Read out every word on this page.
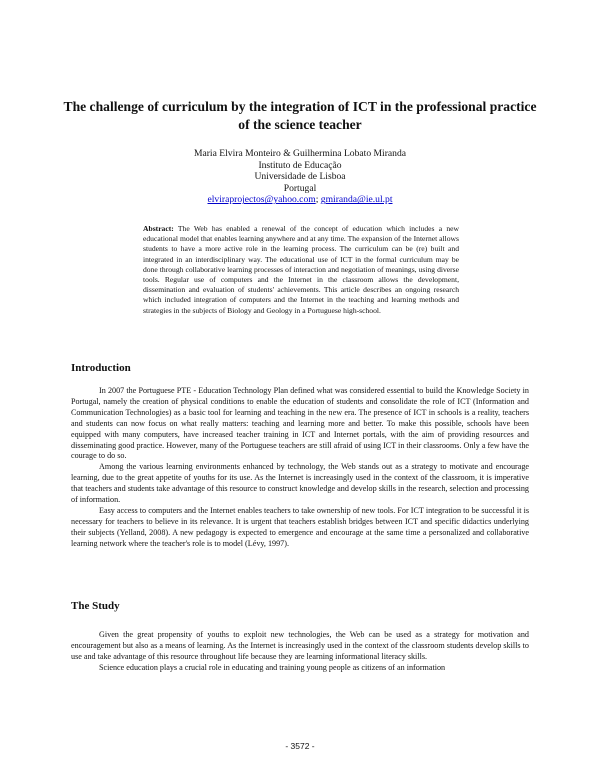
The challenge of curriculum by the integration of ICT in the professional practice of the science teacher
Maria Elvira Monteiro & Guilhermina Lobato Miranda
Instituto de Educação
Universidade de Lisboa
Portugal
elviraprojectos@yahoo.com; gmiranda@ie.ul.pt

Abstract: The Web has enabled a renewal of the concept of education which includes a new educational model that enables learning anywhere and at any time. The expansion of the Internet allows students to have a more active role in the learning process. The curriculum can be (re) built and integrated in an interdisciplinary way. The educational use of ICT in the formal curriculum may be done through collaborative learning processes of interaction and negotiation of meanings, using diverse tools. Regular use of computers and the Internet in the classroom allows the development, dissemination and evaluation of students' achievements. This article describes an ongoing research which included integration of computers and the Internet in the teaching and learning methods and strategies in the subjects of Biology and Geology in a Portuguese high-school.

Introduction

In 2007 the Portuguese PTE - Education Technology Plan defined what was considered essential to build the Knowledge Society in Portugal, namely the creation of physical conditions to enable the education of students and consolidate the role of ICT (Information and Communication Technologies) as a basic tool for learning and teaching in the new era. The presence of ICT in schools is a reality, teachers and students can now focus on what really matters: teaching and learning more and better. To make this possible, schools have been equipped with many computers, have increased teacher training in ICT and Internet portals, with the aim of providing resources and disseminating good practice. However, many of the Portuguese teachers are still afraid of using ICT in their classrooms. Only a few have the courage to do so.

Among the various learning environments enhanced by technology, the Web stands out as a strategy to motivate and encourage learning, due to the great appetite of youths for its use. As the Internet is increasingly used in the context of the classroom, it is imperative that teachers and students take advantage of this resource to construct knowledge and develop skills in the research, selection and processing of information.

Easy access to computers and the Internet enables teachers to take ownership of new tools. For ICT integration to be successful it is necessary for teachers to believe in its relevance. It is urgent that teachers establish bridges between ICT and specific didactics underlying their subjects (Yelland, 2008). A new pedagogy is expected to emergence and encourage at the same time a personalized and collaborative learning network where the teacher's role is to model (Lévy, 1997).

The Study

Given the great propensity of youths to exploit new technologies, the Web can be used as a strategy for motivation and encouragement but also as a means of learning. As the Internet is increasingly used in the context of the classroom students develop skills to use and take advantage of this resource throughout life because they are learning informational literacy skills.

Science education plays a crucial role in educating and training young people as citizens of an information

- 3572 -
